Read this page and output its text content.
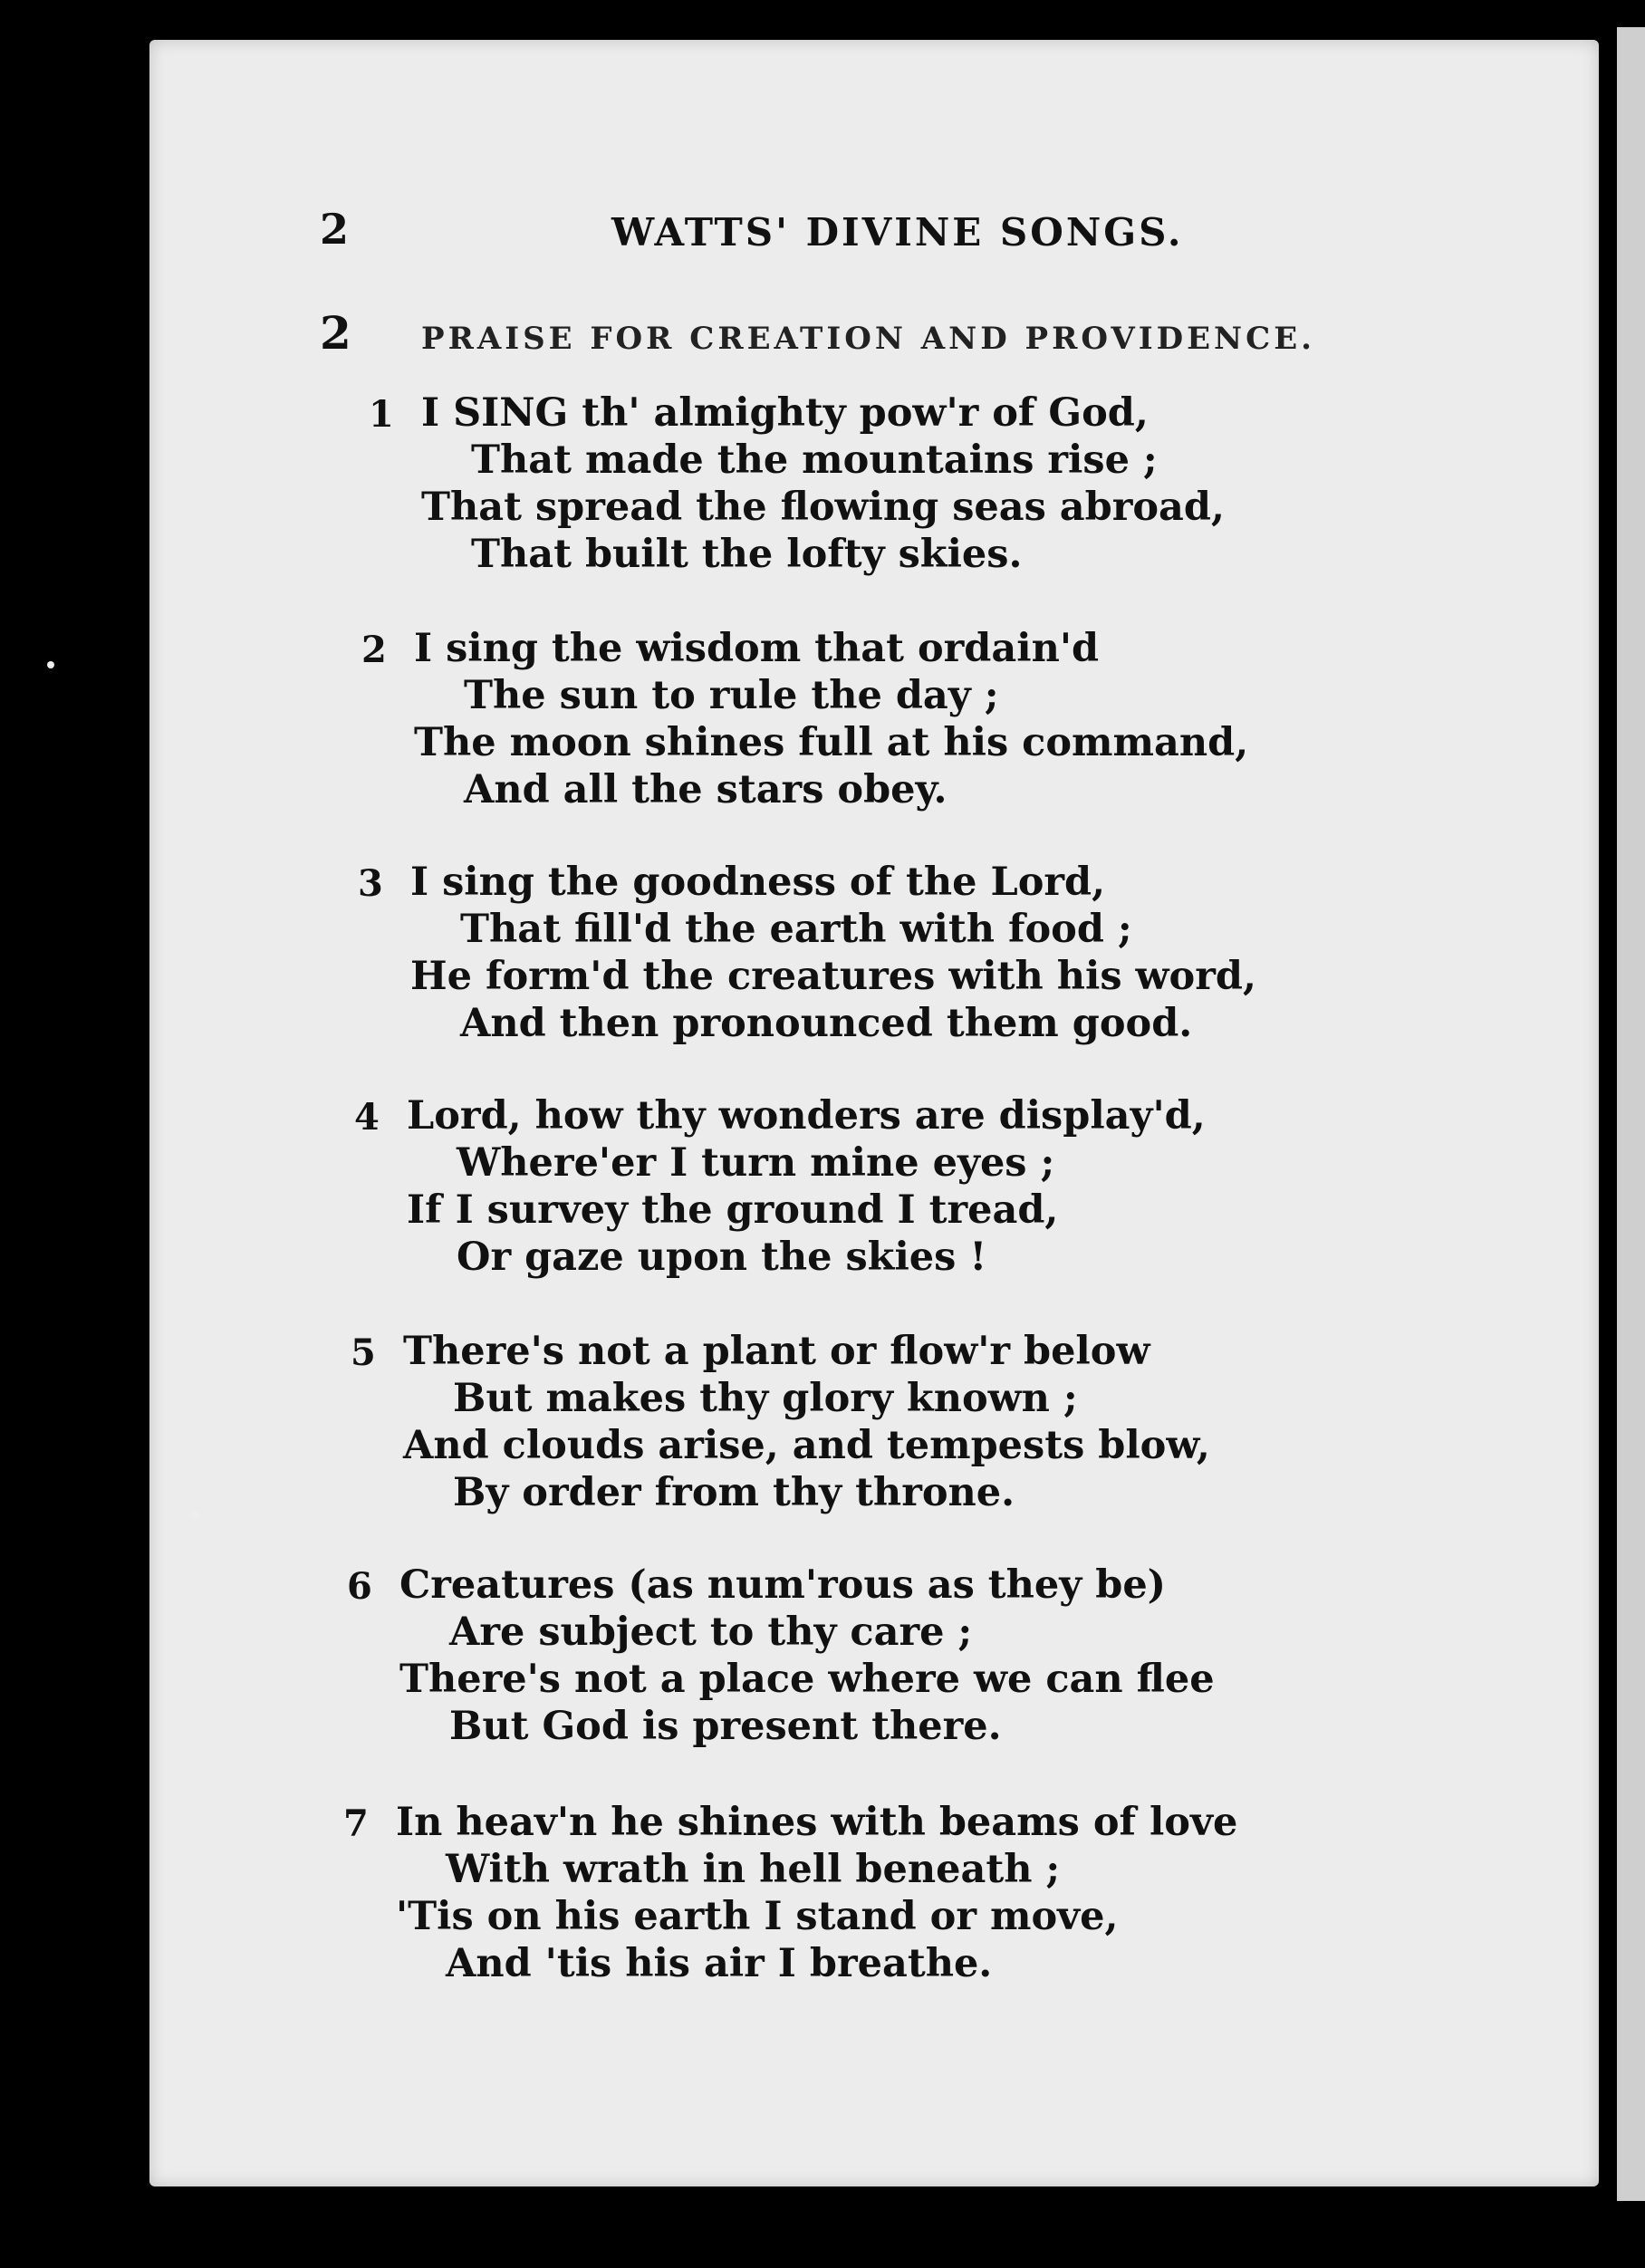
2	WATTS' DIVINE SONGS.
2 PRAISE FOR CREATION AND PROVIDENCE.
1 I SING th' almighty pow'r of God,
That made the mountains rise ;
That spread the flowing seas abroad,
That built the lofty skies.
2 I sing the wisdom that ordain'd
The sun to rule the day ;
The moon shines full at his command,
And all the stars obey.
3 I sing the goodness of the Lord,
That fill'd the earth with food ;
He form'd the creatures with his word,
And then pronounced them good.
4 Lord, how thy wonders are display'd,
Where'er I turn mine eyes ;
If I survey the ground I tread,
Or gaze upon the skies !
5 There's not a plant or flow'r below
But makes thy glory known ;
And clouds arise, and tempests blow,
By order from thy throne.
6 Creatures (as num'rous as they be)
Are subject to thy care ;
There's not a place where we can flee
But God is present there.
7 In heav'n he shines with beams of love
With wrath in hell beneath ;
'Tis on his earth I stand or move,
And 'tis his air I breathe.
